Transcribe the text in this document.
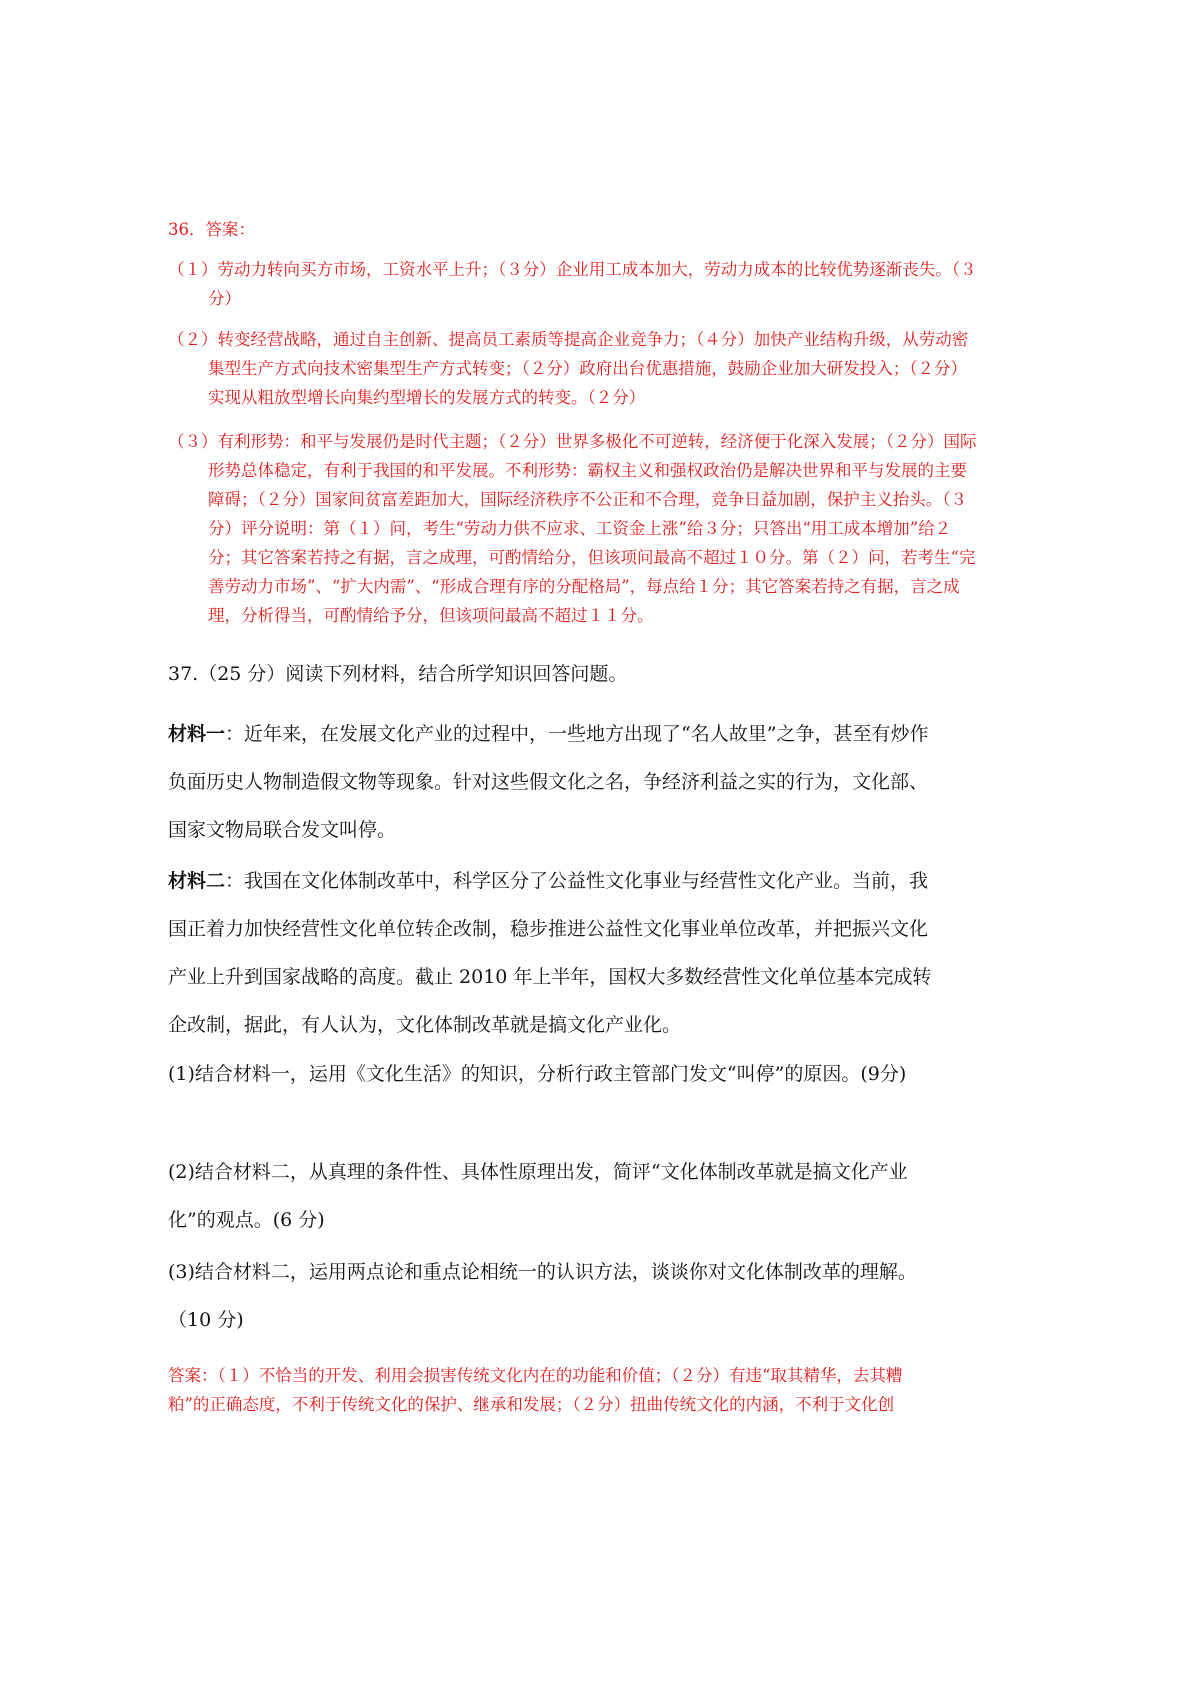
36．答案：

（１）劳动力转向买方市场，工资水平上升；（３分）企业用工成本加大，劳动力成本的比较优势逐渐丧失。（３分）

（２）转变经营战略，通过自主创新、提高员工素质等提高企业竞争力；（４分）加快产业结构升级，从劳动密集型生产方式向技术密集型生产方式转变；（２分）政府出台优惠措施，鼓励企业加大研发投入；（２分）实现从粗放型增长向集约型增长的发展方式的转变。（２分）

（３）有利形势：和平与发展仍是时代主题；（２分）世界多极化不可逆转，经济便于化深入发展；（２分）国际形势总体稳定，有利于我国的和平发展。不利形势：霸权主义和强权政治仍是解决世界和平与发展的主要障碍；（２分）国家间贫富差距加大，国际经济秩序不公正和不合理，竞争日益加剧，保护主义抬头。（３分）评分说明：第（１）问，考生“劳动力供不应求、工资金上涨”给３分；只答出“用工成本增加”给２分；其它答案若持之有据，言之成理，可酌情给分，但该项问最高不超过１０分。第（２）问，若考生“完善劳动力市场”、“扩大内需”、“形成合理有序的分配格局”，每点给１分；其它答案若持之有据，言之成理，分析得当，可酌情给予分，但该项问最高不超过１１分。

37.（25 分）阅读下列材料，结合所学知识回答问题。

材料一：近年来，在发展文化产业的过程中，一些地方出现了“名人故里”之争，甚至有炒作负面历史人物制造假文物等现象。针对这些假文化之名，争经济利益之实的行为，文化部、国家文物局联合发文叫停。

材料二：我国在文化体制改革中，科学区分了公益性文化事业与经营性文化产业。当前，我国正着力加快经营性文化单位转企改制，稳步推进公益性文化事业单位改革，并把振兴文化产业上升到国家战略的高度。截止 2010 年上半年，国权大多数经营性文化单位基本完成转企改制，据此，有人认为，文化体制改革就是搞文化产业化。

(1)结合材料一，运用《文化生活》的知识，分析行政主管部门发文“叫停”的原因。(9分)

(2)结合材料二，从真理的条件性、具体性原理出发，简评“文化体制改革就是搞文化产业化”的观点。(6 分)

(3)结合材料二，运用两点论和重点论相统一的认识方法，谈谈你对文化体制改革的理解。（10 分)

答案：（１）不恰当的开发、利用会损害传统文化内在的功能和价值；（２分）有违“取其精华，去其糟粕”的正确态度，不利于传统文化的保护、继承和发展；（２分）扭曲传统文化的内涵，不利于文化创
